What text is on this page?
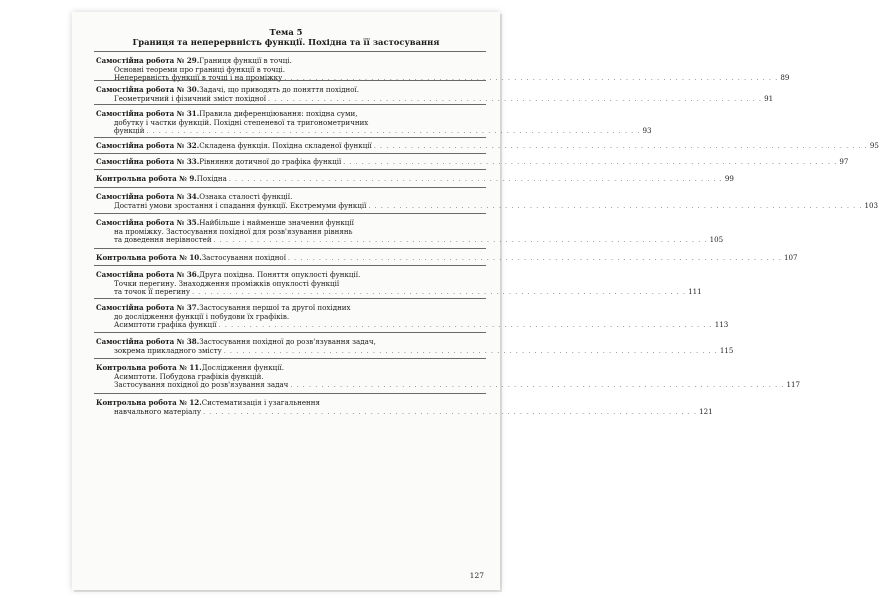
Тема 5
Границя та неперервність функції. Похідна та її застосування
Самостійна робота № 29. Границя функції в точці.
Основні теореми про границі функції в точці.
Неперервність функції в точці і на проміжку . . . . . . . . . . . . . . . . . . . . . . . . . . . . . . . . . . . . . . . . . . . . . . . . . . . . . . . . . . . . . . . . . . . . . . . . . . . . . . . . 89
Самостійна робота № 30. Задачі, що приводять до поняття похідної.
Геометричний і фізичний зміст похідної . . . . . . . . . . . . . . . . . . . . . . . . . . . . . . . . . . . . . . . . . . . . . . . . . . . . . . . . . . . . . . . . . . . . . . . . . . . . . . . . 91
Самостійна робота № 31. Правила диференціювання: похідна суми,
добутку і частки функцій. Похідні степеневої та тригонометричних
функцій . . . . . . . . . . . . . . . . . . . . . . . . . . . . . . . . . . . . . . . . . . . . . . . . . . . . . . . . . . . . . . . . . . . . . . . . . . . . . . . . 93
Самостійна робота № 32. Складена функція. Похідна складеної функції . . . . . . . . . . . . . . . . . . . . . . . . . . . . . . . . . . . . . . . . . . . . . . . . . . . . . . . . . . . . . . . . . . . . . . . . . . . . . . . . 95
Самостійна робота № 33. Рівняння дотичної до графіка функції . . . . . . . . . . . . . . . . . . . . . . . . . . . . . . . . . . . . . . . . . . . . . . . . . . . . . . . . . . . . . . . . . . . . . . . . . . . . . . . . 97
Контрольна робота № 9. Похідна . . . . . . . . . . . . . . . . . . . . . . . . . . . . . . . . . . . . . . . . . . . . . . . . . . . . . . . . . . . . . . . . . . . . . . . . . . . . . . . . 99
Самостійна робота № 34. Ознака сталості функції.
Достатні умови зростання і спадання функції. Екстремуми функції . . . . . . . . . . . . . . . . . . . . . . . . . . . . . . . . . . . . . . . . . . . . . . . . . . . . . . . . . . . . . . . . . . . . . . . . . . . . . . . . 103
Самостійна робота № 35. Найбільше і найменше значення функції
на проміжку. Застосування похідної для розв'язування рівнянь
та доведення нерівностей . . . . . . . . . . . . . . . . . . . . . . . . . . . . . . . . . . . . . . . . . . . . . . . . . . . . . . . . . . . . . . . . . . . . . . . . . . . . . . . . 105
Контрольна робота № 10. Застосування похідної . . . . . . . . . . . . . . . . . . . . . . . . . . . . . . . . . . . . . . . . . . . . . . . . . . . . . . . . . . . . . . . . . . . . . . . . . . . . . . . . 107
Самостійна робота № 36. Друга похідна. Поняття опуклості функції.
Точки перегину. Знаходження проміжків опуклості функції
та точок її перегину . . . . . . . . . . . . . . . . . . . . . . . . . . . . . . . . . . . . . . . . . . . . . . . . . . . . . . . . . . . . . . . . . . . . . . . . . . . . . . . . 111
Самостійна робота № 37. Застосування першої та другої похідних
до дослідження функції і побудови їх графіків.
Асимптоти графіка функції . . . . . . . . . . . . . . . . . . . . . . . . . . . . . . . . . . . . . . . . . . . . . . . . . . . . . . . . . . . . . . . . . . . . . . . . . . . . . . . . 113
Самостійна робота № 38. Застосування похідної до розв'язування задач,
зокрема прикладного змісту . . . . . . . . . . . . . . . . . . . . . . . . . . . . . . . . . . . . . . . . . . . . . . . . . . . . . . . . . . . . . . . . . . . . . . . . . . . . . . . . 115
Контрольна робота № 11. Дослідження функції.
Асимптоти. Побудова графіків функцій.
Застосування похідної до розв'язування задач . . . . . . . . . . . . . . . . . . . . . . . . . . . . . . . . . . . . . . . . . . . . . . . . . . . . . . . . . . . . . . . . . . . . . . . . . . . . . . . . 117
Контрольна робота № 12. Систематизація і узагальнення
навчального матеріалу . . . . . . . . . . . . . . . . . . . . . . . . . . . . . . . . . . . . . . . . . . . . . . . . . . . . . . . . . . . . . . . . . . . . . . . . . . . . . . . . 121
127
